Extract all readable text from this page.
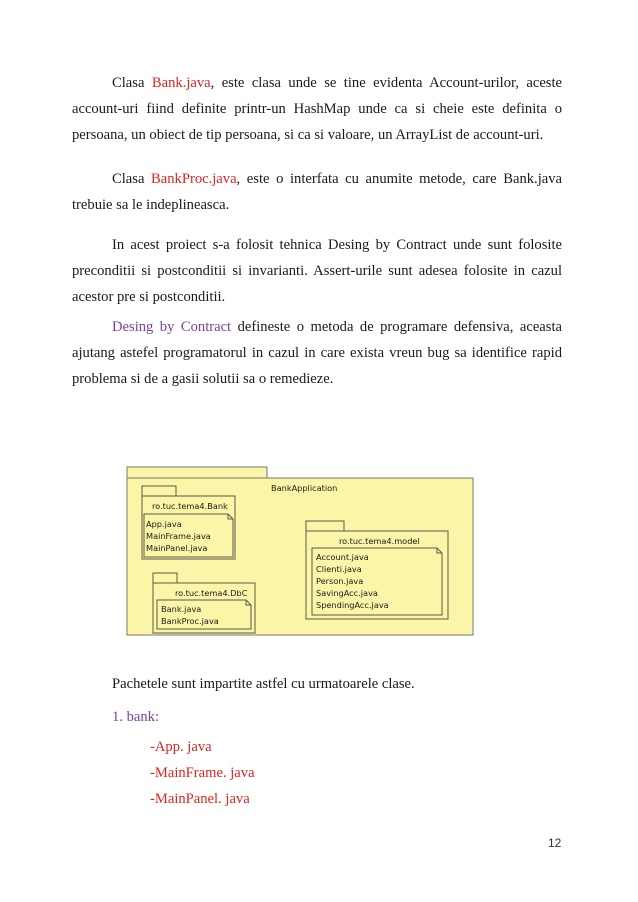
Clasa Bank.java, este clasa unde se tine evidenta Account-urilor, aceste account-uri fiind definite printr-un HashMap unde ca si cheie este definita o persoana, un obiect de tip persoana, si ca si valoare, un ArrayList de account-uri.

Clasa BankProc.java, este o interfata cu anumite metode, care Bank.java trebuie sa le indeplineasca.

In acest proiect s-a folosit tehnica Desing by Contract unde sunt folosite preconditii si postconditii si invarianti. Assert-urile sunt adesea folosite in cazul acestor pre si postconditii.

Desing by Contract defineste o metoda de programare defensiva, aceasta ajutang astefel programatorul in cazul in care exista vreun bug sa identifice rapid problema si de a gasii solutii sa o remedieze.

BankApplication
ro.tuc.tema4.Bank
App.java
MainFrame.java
MainPanel.java
ro.tuc.tema4.DbC
Bank.java
BankProc.java
ro.tuc.tema4.model
Account.java
Clienti.java
Person.java
SavingAcc.java
SpendingAcc.java

Pachetele sunt impartite astfel cu urmatoarele clase.

1. bank:

-App. java

-MainFrame. java

-MainPanel. java

12
